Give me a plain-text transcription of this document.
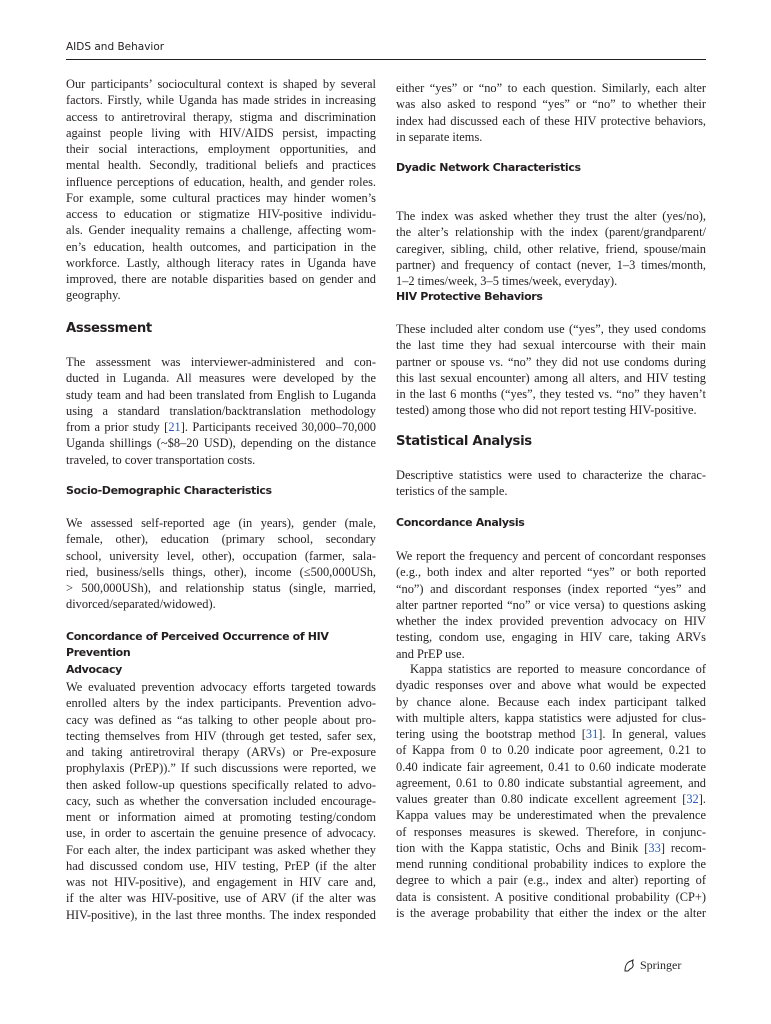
AIDS and Behavior
Our participants’ sociocultural context is shaped by several
factors. Firstly, while Uganda has made strides in increasing
access to antiretroviral therapy, stigma and discrimination
against people living with HIV/AIDS persist, impacting
their social interactions, employment opportunities, and
mental health. Secondly, traditional beliefs and practices
influence perceptions of education, health, and gender roles.
For example, some cultural practices may hinder women’s
access to education or stigmatize HIV-positive individu-
als. Gender inequality remains a challenge, affecting wom-
en’s education, health outcomes, and participation in the
workforce. Lastly, although literacy rates in Uganda have
improved, there are notable disparities based on gender and
geography.
Assessment
The assessment was interviewer-administered and con-
ducted in Luganda. All measures were developed by the
study team and had been translated from English to Luganda
using a standard translation/backtranslation methodology
from a prior study [21]. Participants received 30,000–70,000
Uganda shillings (~$8–20 USD), depending on the distance
traveled, to cover transportation costs.
Socio-Demographic Characteristics
We assessed self-reported age (in years), gender (male,
female, other), education (primary school, secondary
school, university level, other), occupation (farmer, sala-
ried, business/sells things, other), income (≤500,000USh,
> 500,000USh), and relationship status (single, married,
divorced/separated/widowed).
Concordance of Perceived Occurrence of HIV Prevention
Advocacy
We evaluated prevention advocacy efforts targeted towards
enrolled alters by the index participants. Prevention advo-
cacy was defined as “as talking to other people about pro-
tecting themselves from HIV (through get tested, safer sex,
and taking antiretroviral therapy (ARVs) or Pre-exposure
prophylaxis (PrEP)).” If such discussions were reported, we
then asked follow-up questions specifically related to advo-
cacy, such as whether the conversation included encourage-
ment or information aimed at promoting testing/condom
use, in order to ascertain the genuine presence of advocacy.
For each alter, the index participant was asked whether they
had discussed condom use, HIV testing, PrEP (if the alter
was not HIV-positive), and engagement in HIV care and,
if the alter was HIV-positive, use of ARV (if the alter was
HIV-positive), in the last three months. The index responded
either “yes” or “no” to each question. Similarly, each alter
was also asked to respond “yes” or “no” to whether their
index had discussed each of these HIV protective behaviors,
in separate items.
Dyadic Network Characteristics
The index was asked whether they trust the alter (yes/no),
the alter’s relationship with the index (parent/grandparent/
caregiver, sibling, child, other relative, friend, spouse/main
partner) and frequency of contact (never, 1–3 times/month,
1–2 times/week, 3–5 times/week, everyday).
HIV Protective Behaviors
These included alter condom use (“yes”, they used condoms
the last time they had sexual intercourse with their main
partner or spouse vs. “no” they did not use condoms during
this last sexual encounter) among all alters, and HIV testing
in the last 6 months (“yes”, they tested vs. “no” they haven’t
tested) among those who did not report testing HIV-positive.
Statistical Analysis
Descriptive statistics were used to characterize the charac-
teristics of the sample.
Concordance Analysis
We report the frequency and percent of concordant responses
(e.g., both index and alter reported “yes” or both reported
“no”) and discordant responses (index reported “yes” and
alter partner reported “no” or vice versa) to questions asking
whether the index provided prevention advocacy on HIV
testing, condom use, engaging in HIV care, taking ARVs
and PrEP use.
Kappa statistics are reported to measure concordance of
dyadic responses over and above what would be expected
by chance alone. Because each index participant talked
with multiple alters, kappa statistics were adjusted for clus-
tering using the bootstrap method [31]. In general, values
of Kappa from 0 to 0.20 indicate poor agreement, 0.21 to
0.40 indicate fair agreement, 0.41 to 0.60 indicate moderate
agreement, 0.61 to 0.80 indicate substantial agreement, and
values greater than 0.80 indicate excellent agreement [32].
Kappa values may be underestimated when the prevalence
of responses measures is skewed. Therefore, in conjunc-
tion with the Kappa statistic, Ochs and Binik [33] recom-
mend running conditional probability indices to explore the
degree to which a pair (e.g., index and alter) reporting of
data is consistent. A positive conditional probability (CP+)
is the average probability that either the index or the alter
Springer
